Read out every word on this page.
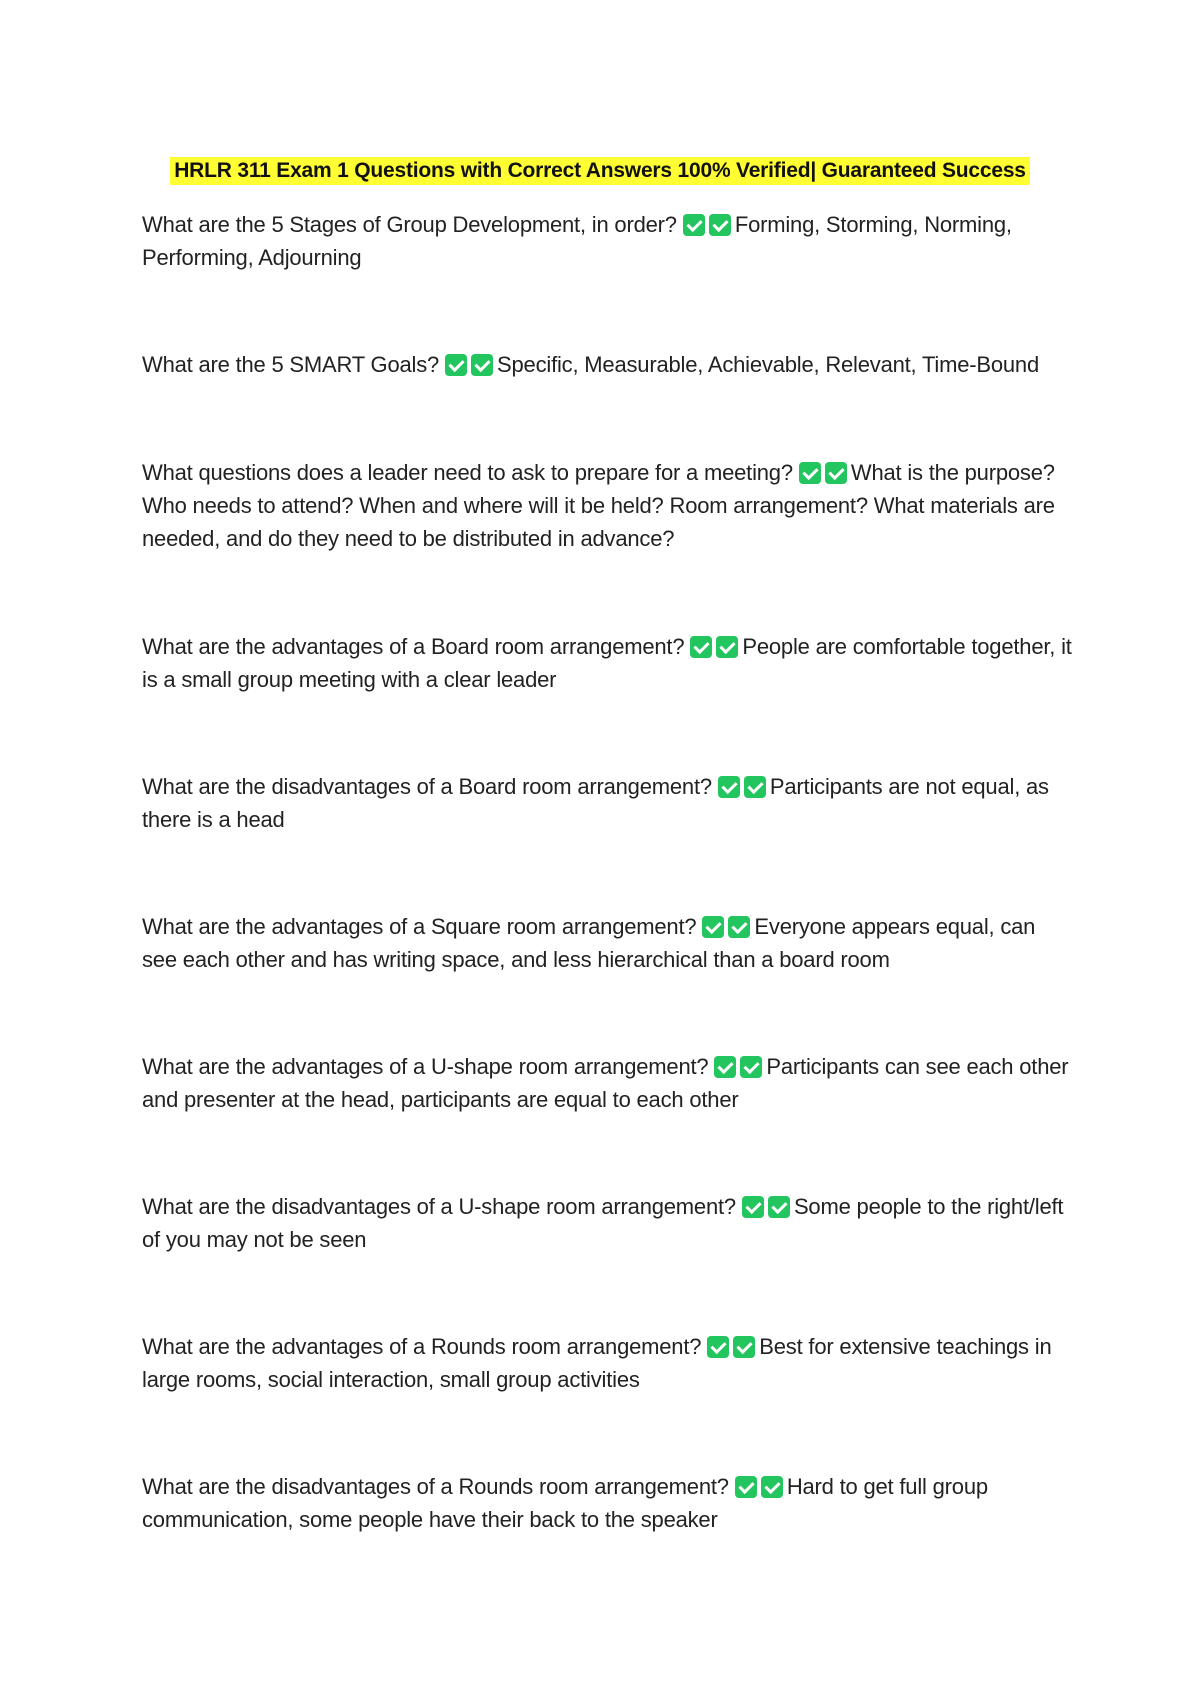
HRLR 311 Exam 1 Questions with Correct Answers 100% Verified| Guaranteed Success
What are the 5 Stages of Group Development, in order?	Forming, Storming, Norming, Performing, Adjourning
What are the 5 SMART Goals?	Specific, Measurable, Achievable, Relevant, Time-Bound
What questions does a leader need to ask to prepare for a meeting?	What is the purpose? Who needs to attend? When and where will it be held? Room arrangement? What materials are needed, and do they need to be distributed in advance?
What are the advantages of a Board room arrangement?	People are comfortable together, it is a small group meeting with a clear leader
What are the disadvantages of a Board room arrangement?	Participants are not equal, as there is a head
What are the advantages of a Square room arrangement?	Everyone appears equal, can see each other and has writing space, and less hierarchical than a board room
What are the advantages of a U-shape room arrangement?	Participants can see each other and presenter at the head, participants are equal to each other
What are the disadvantages of a U-shape room arrangement?	Some people to the right/left of you may not be seen
What are the advantages of a Rounds room arrangement?	Best for extensive teachings in large rooms, social interaction, small group activities
What are the disadvantages of a Rounds room arrangement?	Hard to get full group communication, some people have their back to the speaker
